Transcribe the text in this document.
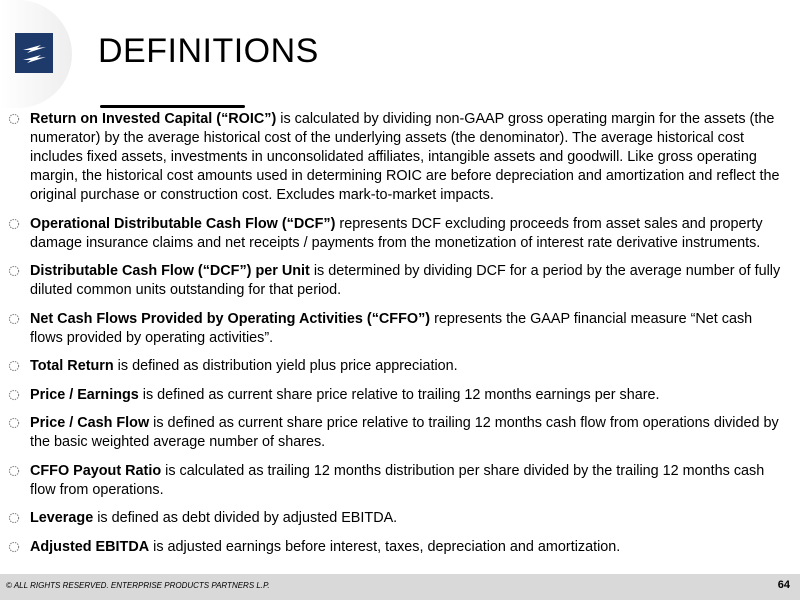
DEFINITIONS
Return on Invested Capital (“ROIC”) is calculated by dividing non-GAAP gross operating margin for the assets (the numerator) by the average historical cost of the underlying assets (the denominator). The average historical cost includes fixed assets, investments in unconsolidated affiliates, intangible assets and goodwill. Like gross operating margin, the historical cost amounts used in determining ROIC are before depreciation and amortization and reflect the original purchase or construction cost. Excludes mark-to-market impacts.
Operational Distributable Cash Flow (“DCF”) represents DCF excluding proceeds from asset sales and property damage insurance claims and net receipts / payments from the monetization of interest rate derivative instruments.
Distributable Cash Flow (“DCF”) per Unit is determined by dividing DCF for a period by the average number of fully diluted common units outstanding for that period.
Net Cash Flows Provided by Operating Activities (“CFFO”) represents the GAAP financial measure “Net cash flows provided by operating activities”.
Total Return is defined as distribution yield plus price appreciation.
Price / Earnings is defined as current share price relative to trailing 12 months earnings per share.
Price / Cash Flow is defined as current share price relative to trailing 12 months cash flow from operations divided by the basic weighted average number of shares.
CFFO Payout Ratio is calculated as trailing 12 months distribution per share divided by the trailing 12 months cash flow from operations.
Leverage is defined as debt divided by adjusted EBITDA.
Adjusted EBITDA is adjusted earnings before interest, taxes, depreciation and amortization.
© ALL RIGHTS RESERVED. ENTERPRISE PRODUCTS PARTNERS L.P.	64
